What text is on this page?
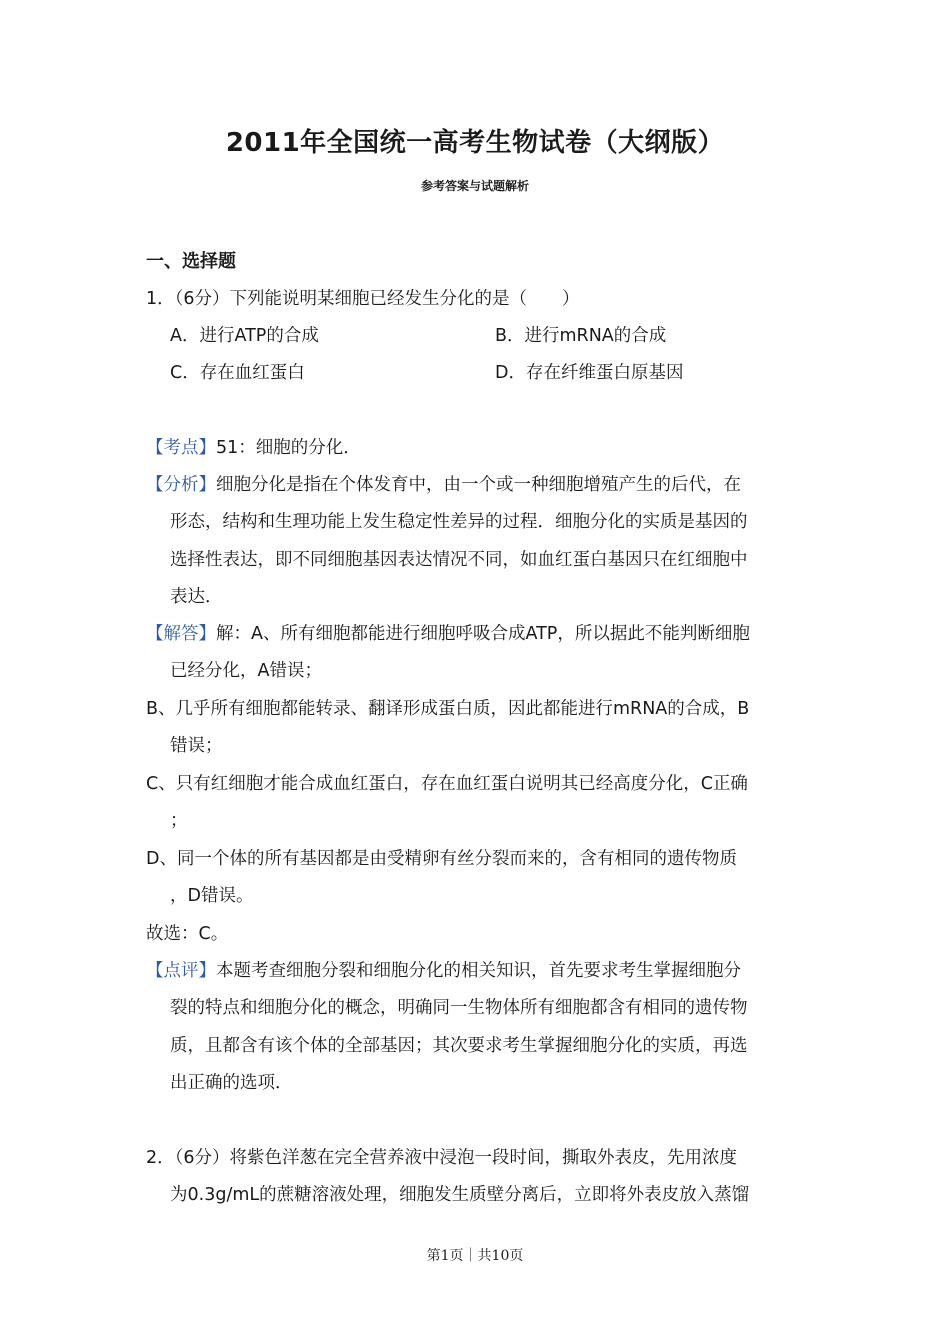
2011年全国统一高考生物试卷（大纲版）
参考答案与试题解析
一、选择题
1．（6分）下列能说明某细胞已经发生分化的是（　　）
A．进行ATP的合成	B．进行mRNA的合成
C．存在血红蛋白	D．存在纤维蛋白原基因
【考点】51：细胞的分化．
【分析】细胞分化是指在个体发育中，由一个或一种细胞增殖产生的后代，在
形态，结构和生理功能上发生稳定性差异的过程．细胞分化的实质是基因的
选择性表达，即不同细胞基因表达情况不同，如血红蛋白基因只在红细胞中
表达．
【解答】解：A、所有细胞都能进行细胞呼吸合成ATP，所以据此不能判断细胞
已经分化，A错误；
B、几乎所有细胞都能转录、翻译形成蛋白质，因此都能进行mRNA的合成，B
错误；
C、只有红细胞才能合成血红蛋白，存在血红蛋白说明其已经高度分化，C正确
；
D、同一个体的所有基因都是由受精卵有丝分裂而来的，含有相同的遗传物质
，D错误。
故选：C。
【点评】本题考查细胞分裂和细胞分化的相关知识，首先要求考生掌握细胞分
裂的特点和细胞分化的概念，明确同一生物体所有细胞都含有相同的遗传物
质，且都含有该个体的全部基因；其次要求考生掌握细胞分化的实质，再选
出正确的选项．
2．（6分）将紫色洋葱在完全营养液中浸泡一段时间，撕取外表皮，先用浓度
为0.3g/mL的蔗糖溶液处理，细胞发生质壁分离后，立即将外表皮放入蒸馏
第1页｜共10页
